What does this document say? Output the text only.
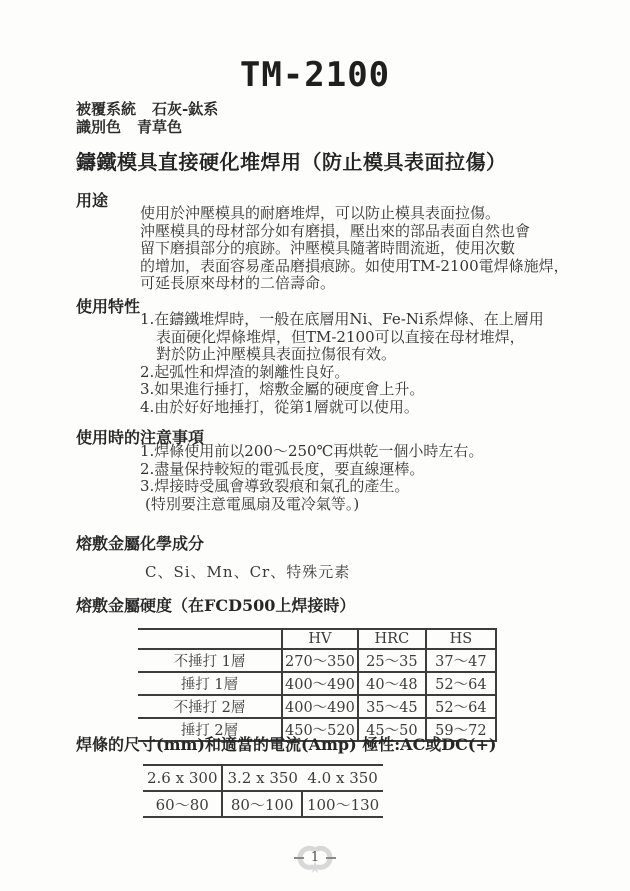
TM-2100
被覆系統 石灰-鈦系
識別色 青草色
鑄鐵模具直接硬化堆焊用（防止模具表面拉傷）
用途
使用於沖壓模具的耐磨堆焊，可以防止模具表面拉傷。
沖壓模具的母材部分如有磨損，壓出來的部品表面自然也會
留下磨損部分的痕跡。沖壓模具隨著時間流逝，使用次數
的增加，表面容易產品磨損痕跡。如使用TM-2100電焊條施焊，
可延長原來母材的二倍壽命。
使用特性
1.在鑄鐵堆焊時，一般在底層用Ni、Fe-Ni系焊條、在上層用
表面硬化焊條堆焊，但TM-2100可以直接在母材堆焊，
對於防止沖壓模具表面拉傷很有效。
2.起弧性和焊渣的剝離性良好。
3.如果進行捶打，熔敷金屬的硬度會上升。
4.由於好好地捶打，從第1層就可以使用。
使用時的注意事項
1.焊條使用前以200～250℃再烘乾一個小時左右。
2.盡量保持較短的電弧長度，要直線運棒。
3.焊接時受風會導致裂痕和氣孔的產生。
(特別要注意電風扇及電冷氣等。)
熔敷金屬化學成分
C、Si、Mn、Cr、特殊元素
熔敷金屬硬度（在FCD500上焊接時）
	HV	HRC	HS
不捶打 1層	270～350	25～35	37～47
捶打 1層	400～490	40～48	52～64
不捶打 2層	400～490	35～45	52～64
捶打 2層	450～520	45～50	59～72
焊條的尺寸(mm)和適當的電流(Amp) 極性:AC或DC(+)
2.6 x 300	3.2 x 350	4.0 x 350
60～80	80～100	100～130
1
